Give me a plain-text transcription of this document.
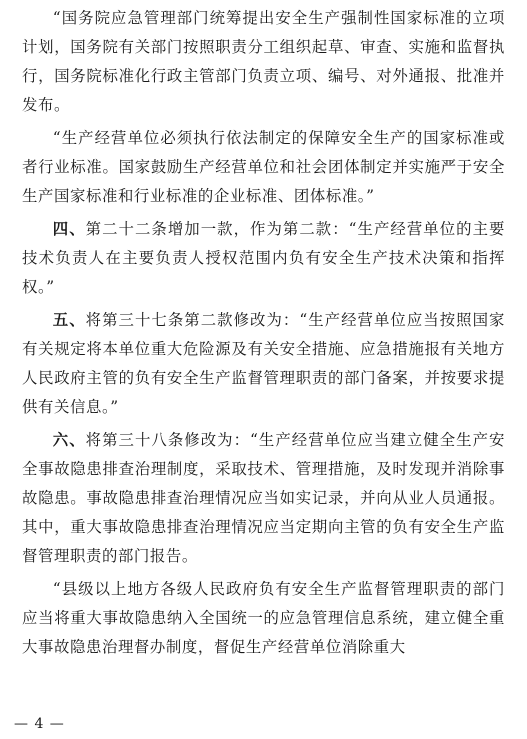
“国务院应急管理部门统筹提出安全生产强制性国家标准的立项计划，国务院有关部门按照职责分工组织起草、审查、实施和监督执行，国务院标准化行政主管部门负责立项、编号、对外通报、批准并发布。

“生产经营单位必须执行依法制定的保障安全生产的国家标准或者行业标准。国家鼓励生产经营单位和社会团体制定并实施严于安全生产国家标准和行业标准的企业标准、团体标准。”

四、第二十二条增加一款，作为第二款：“生产经营单位的主要技术负责人在主要负责人授权范围内负有安全生产技术决策和指挥权。”

五、将第三十七条第二款修改为：“生产经营单位应当按照国家有关规定将本单位重大危险源及有关安全措施、应急措施报有关地方人民政府主管的负有安全生产监督管理职责的部门备案，并按要求提供有关信息。”

六、将第三十八条修改为：“生产经营单位应当建立健全生产安全事故隐患排查治理制度，采取技术、管理措施，及时发现并消除事故隐患。事故隐患排查治理情况应当如实记录，并向从业人员通报。其中，重大事故隐患排查治理情况应当定期向主管的负有安全生产监督管理职责的部门报告。

“县级以上地方各级人民政府负有安全生产监督管理职责的部门应当将重大事故隐患纳入全国统一的应急管理信息系统，建立健全重大事故隐患治理督办制度，督促生产经营单位消除重大

— 4 —
